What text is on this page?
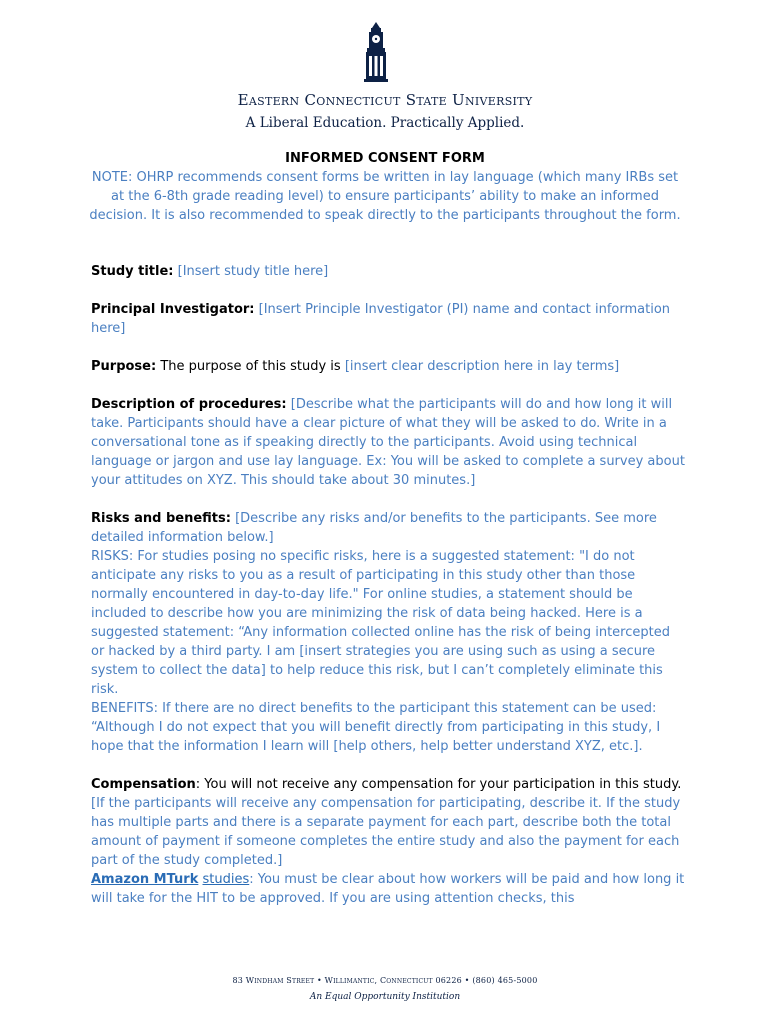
Eastern Connecticut State University
A Liberal Education. Practically Applied.
INFORMED CONSENT FORM
NOTE: OHRP recommends consent forms be written in lay language (which many IRBs set at the 6-8th grade reading level) to ensure participants’ ability to make an informed decision. It is also recommended to speak directly to the participants throughout the form.

Study title: [Insert study title here]

Principal Investigator: [Insert Principle Investigator (PI) name and contact information here]

Purpose: The purpose of this study is [insert clear description here in lay terms]

Description of procedures: [Describe what the participants will do and how long it will take. Participants should have a clear picture of what they will be asked to do. Write in a conversational tone as if speaking directly to the participants. Avoid using technical language or jargon and use lay language. Ex: You will be asked to complete a survey about your attitudes on XYZ. This should take about 30 minutes.]

Risks and benefits: [Describe any risks and/or benefits to the participants. See more detailed information below.]

RISKS: For studies posing no specific risks, here is a suggested statement: "I do not anticipate any risks to you as a result of participating in this study other than those normally encountered in day-to-day life." For online studies, a statement should be included to describe how you are minimizing the risk of data being hacked. Here is a suggested statement: “Any information collected online has the risk of being intercepted or hacked by a third party. I am [insert strategies you are using such as using a secure system to collect the data] to help reduce this risk, but I can’t completely eliminate this risk.

BENEFITS: If there are no direct benefits to the participant this statement can be used: “Although I do not expect that you will benefit directly from participating in this study, I hope that the information I learn will [help others, help better understand XYZ, etc.].

Compensation: You will not receive any compensation for your participation in this study. [If the participants will receive any compensation for participating, describe it. If the study has multiple parts and there is a separate payment for each part, describe both the total amount of payment if someone completes the entire study and also the payment for each part of the study completed.]

Amazon MTurk studies: You must be clear about how workers will be paid and how long it will take for the HIT to be approved. If you are using attention checks, this

83 Windham Street • Willimantic, Connecticut 06226 • (860) 465-5000
An Equal Opportunity Institution
